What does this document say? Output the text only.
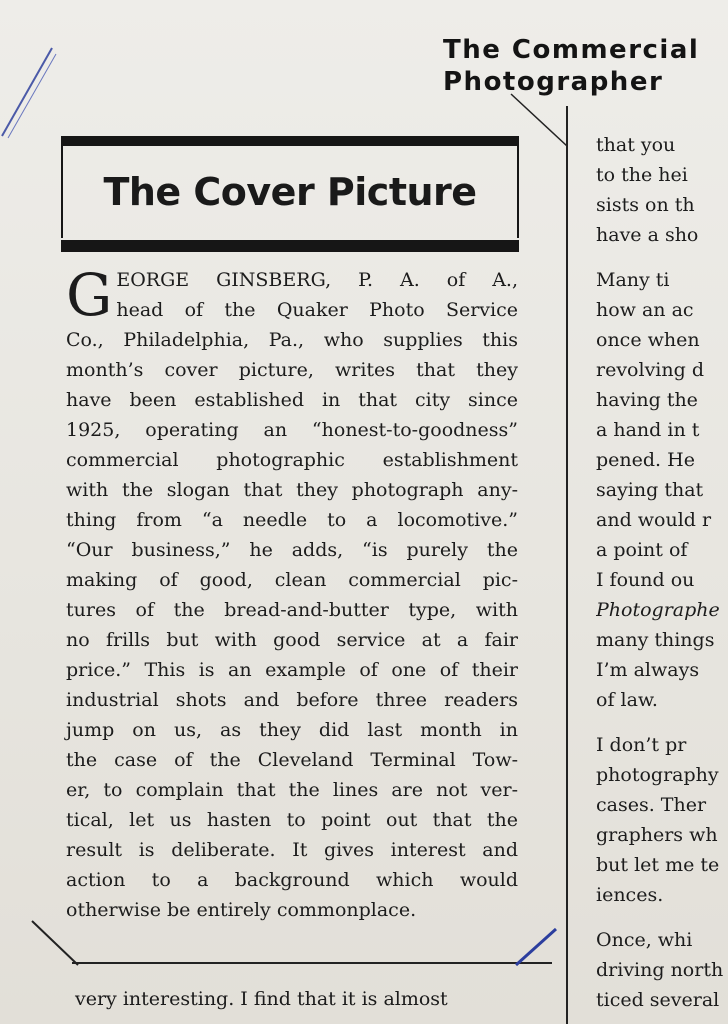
The Commercial
Photographer
The Cover Picture
G EORGE GINSBERG, P. A. of A.,
head of the Quaker Photo Service
Co., Philadelphia, Pa., who supplies this
month’s cover picture, writes that they
have been established in that city since
1925, operating an “honest-to-goodness”
commercial photographic establishment
with the slogan that they photograph any-
thing from “a needle to a locomotive.”
“Our business,” he adds, “is purely the
making of good, clean commercial pic-
tures of the bread-and-butter type, with
no frills but with good service at a fair
price.” This is an example of one of their
industrial shots and before three readers
jump on us, as they did last month in
the case of the Cleveland Terminal Tow-
er, to complain that the lines are not ver-
tical, let us hasten to point out that the
result is deliberate. It gives interest and
action to a background which would
otherwise be entirely commonplace.
that you
to the hei
sists on th
have a sho
Many ti
how an ac
once when
revolving d
having the
a hand in t
pened. He
saying that
and would r
a point of
I found ou
Photographe
many things
I’m always
of law.
I don’t pr
photography
cases. Ther
graphers wh
but let me te
iences.
Once, whi
driving north
ticed several
very interesting. I find that it is almost
